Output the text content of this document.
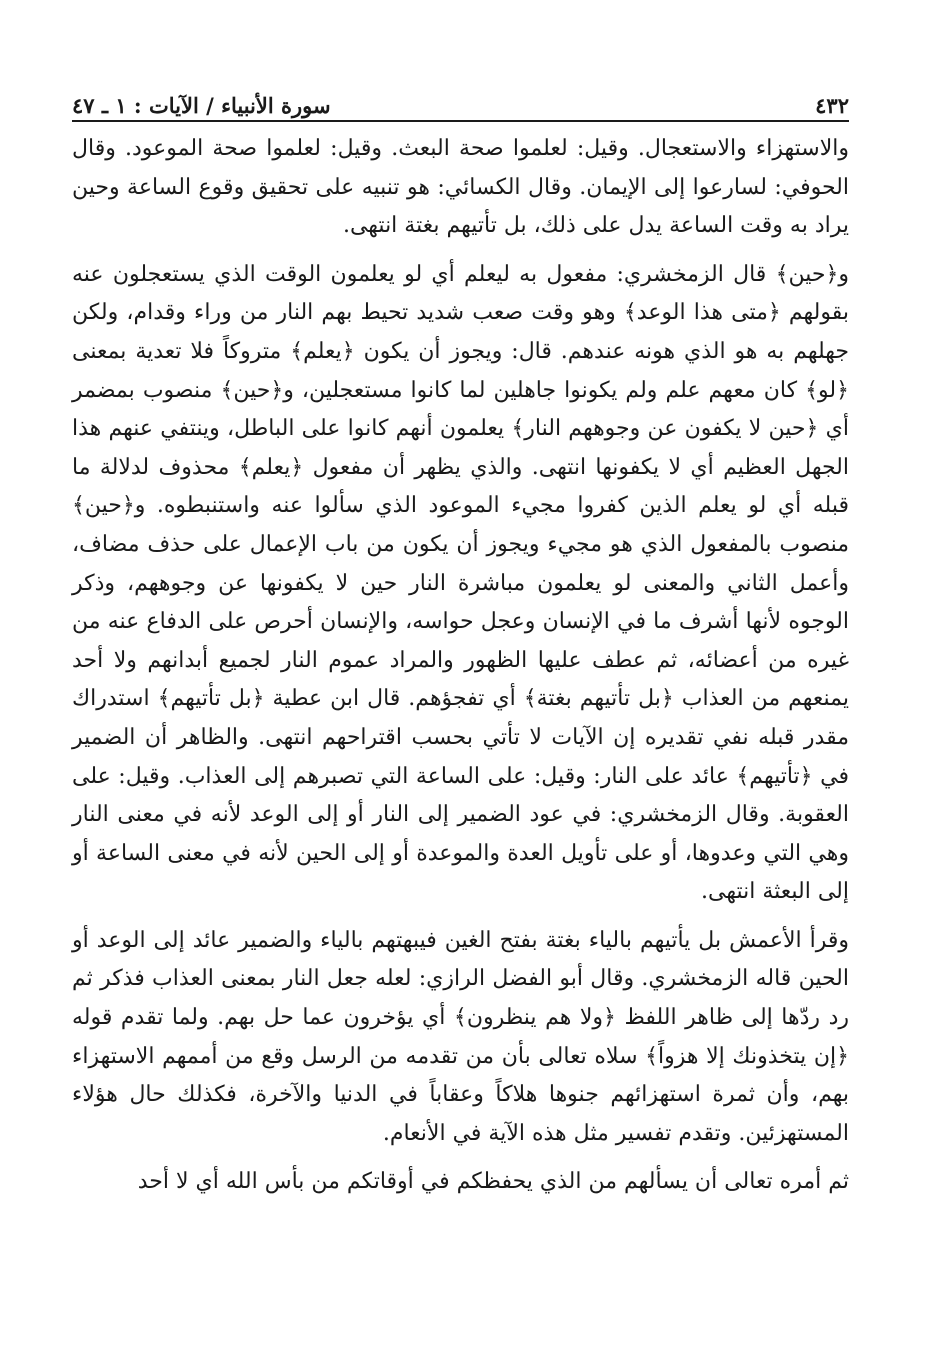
٤٣٢
سورة الأنبياء / الآيات : ١ ـ ٤٧

والاستهزاء والاستعجال. وقيل: لعلموا صحة البعث. وقيل: لعلموا صحة الموعود. وقال الحوفي: لسارعوا إلى الإيمان. وقال الكسائي: هو تنبيه على تحقيق وقوع الساعة وحين يراد به وقت الساعة يدل على ذلك، بل تأتيهم بغتة انتهى.

و﴿حين﴾ قال الزمخشري: مفعول به ليعلم أي لو يعلمون الوقت الذي يستعجلون عنه بقولهم ﴿متى هذا الوعد﴾ وهو وقت صعب شديد تحيط بهم النار من وراء وقدام، ولكن جهلهم به هو الذي هونه عندهم. قال: ويجوز أن يكون ﴿يعلم﴾ متروكاً فلا تعدية بمعنى ﴿لو﴾ كان معهم علم ولم يكونوا جاهلين لما كانوا مستعجلين، و﴿حين﴾ منصوب بمضمر أي ﴿حين لا يكفون عن وجوههم النار﴾ يعلمون أنهم كانوا على الباطل، وينتفي عنهم هذا الجهل العظيم أي لا يكفونها انتهى. والذي يظهر أن مفعول ﴿يعلم﴾ محذوف لدلالة ما قبله أي لو يعلم الذين كفروا مجيء الموعود الذي سألوا عنه واستنبطوه. و﴿حين﴾ منصوب بالمفعول الذي هو مجيء ويجوز أن يكون من باب الإعمال على حذف مضاف، وأعمل الثاني والمعنى لو يعلمون مباشرة النار حين لا يكفونها عن وجوههم، وذكر الوجوه لأنها أشرف ما في الإنسان وعجل حواسه، والإنسان أحرص على الدفاع عنه من غيره من أعضائه، ثم عطف عليها الظهور والمراد عموم النار لجميع أبدانهم ولا أحد يمنعهم من العذاب ﴿بل تأتيهم بغتة﴾ أي تفجؤهم. قال ابن عطية ﴿بل تأتيهم﴾ استدراك مقدر قبله نفي تقديره إن الآيات لا تأتي بحسب اقتراحهم انتهى. والظاهر أن الضمير في ﴿تأتيهم﴾ عائد على النار: وقيل: على الساعة التي تصبرهم إلى العذاب. وقيل: على العقوبة. وقال الزمخشري: في عود الضمير إلى النار أو إلى الوعد لأنه في معنى النار وهي التي وعدوها، أو على تأويل العدة والموعدة أو إلى الحين لأنه في معنى الساعة أو إلى البعثة انتهى.

وقرأ الأعمش بل يأتيهم بالياء بغتة بفتح الغين فيبهتهم بالياء والضمير عائد إلى الوعد أو الحين قاله الزمخشري. وقال أبو الفضل الرازي: لعله جعل النار بمعنى العذاب فذكر ثم رد ردّها إلى ظاهر اللفظ ﴿ولا هم ينظرون﴾ أي يؤخرون عما حل بهم. ولما تقدم قوله ﴿إن يتخذونك إلا هزواً﴾ سلاه تعالى بأن من تقدمه من الرسل وقع من أممهم الاستهزاء بهم، وأن ثمرة استهزائهم جنوها هلاكاً وعقاباً في الدنيا والآخرة، فكذلك حال هؤلاء المستهزئين. وتقدم تفسير مثل هذه الآية في الأنعام.

ثم أمره تعالى أن يسألهم من الذي يحفظكم في أوقاتكم من بأس الله أي لا أحد
